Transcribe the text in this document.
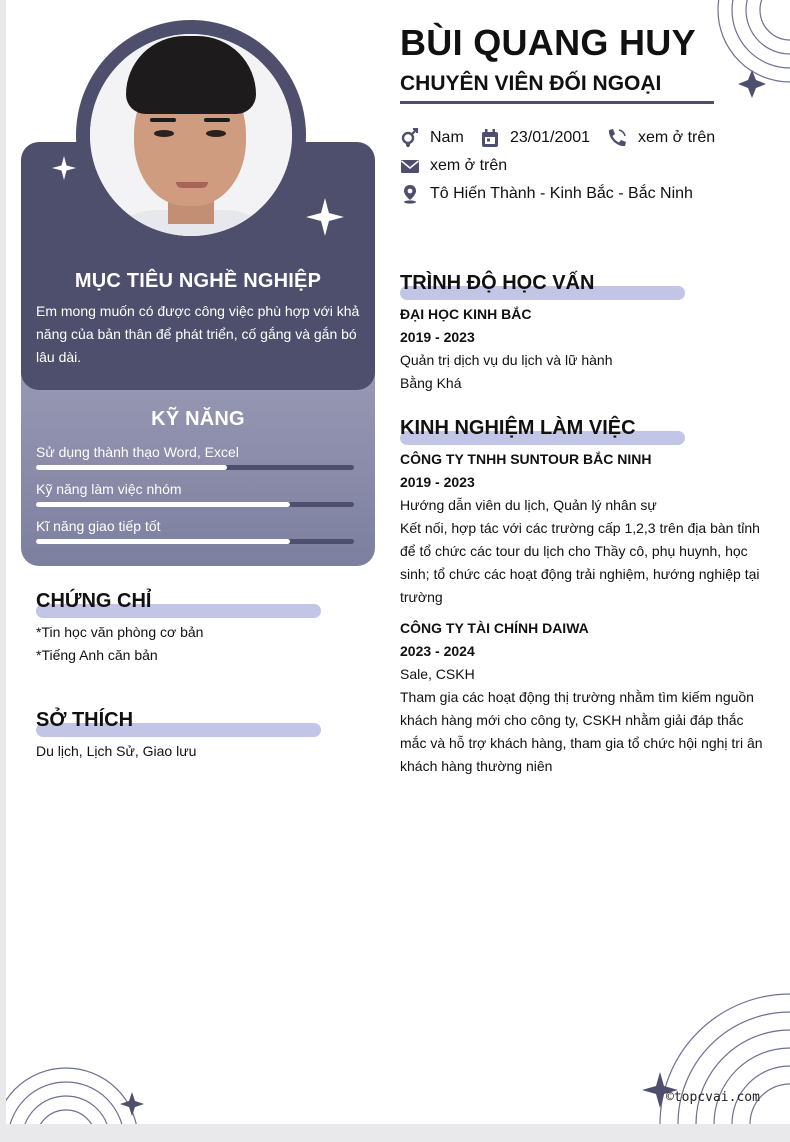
MỤC TIÊU NGHỀ NGHIỆP
Em mong muốn có được công việc phù hợp với khả năng của bản thân để phát triển, cố gắng và gắn bó lâu dài.
KỸ NĂNG
Sử dụng thành thạo Word, Excel
Kỹ năng làm việc nhóm
Kĩ năng giao tiếp tốt
CHỨNG CHỈ
*Tin học văn phòng cơ bản
*Tiếng Anh căn bản
SỞ THÍCH
Du lịch, Lịch Sử, Giao lưu
BÙI QUANG HUY
CHUYÊN VIÊN ĐỐI NGOẠI
Nam	23/01/2001	xem ở trên
xem ở trên
Tô Hiến Thành - Kinh Bắc - Bắc Ninh
TRÌNH ĐỘ HỌC VẤN
ĐẠI HỌC KINH BẮC
2019 - 2023
Quản trị dịch vụ du lịch và lữ hành
Bằng Khá
KINH NGHIỆM LÀM VIỆC
CÔNG TY TNHH SUNTOUR BẮC NINH
2019 - 2023
Hướng dẫn viên du lịch, Quản lý nhân sự
Kết nối, hợp tác với các trường cấp 1,2,3 trên địa bàn tỉnh
để tổ chức các tour du lịch cho Thầy cô, phụ huynh, học
sinh; tổ chức các hoạt động trải nghiệm, hướng nghiệp tại
trường
CÔNG TY TÀI CHÍNH DAIWA
2023 - 2024
Sale, CSKH
Tham gia các hoạt động thị trường nhằm tìm kiếm nguồn
khách hàng mới cho công ty, CSKH nhằm giải đáp thắc
mắc và hỗ trợ khách hàng, tham gia tổ chức hội nghị tri ân
khách hàng thường niên
©topcvai.com
